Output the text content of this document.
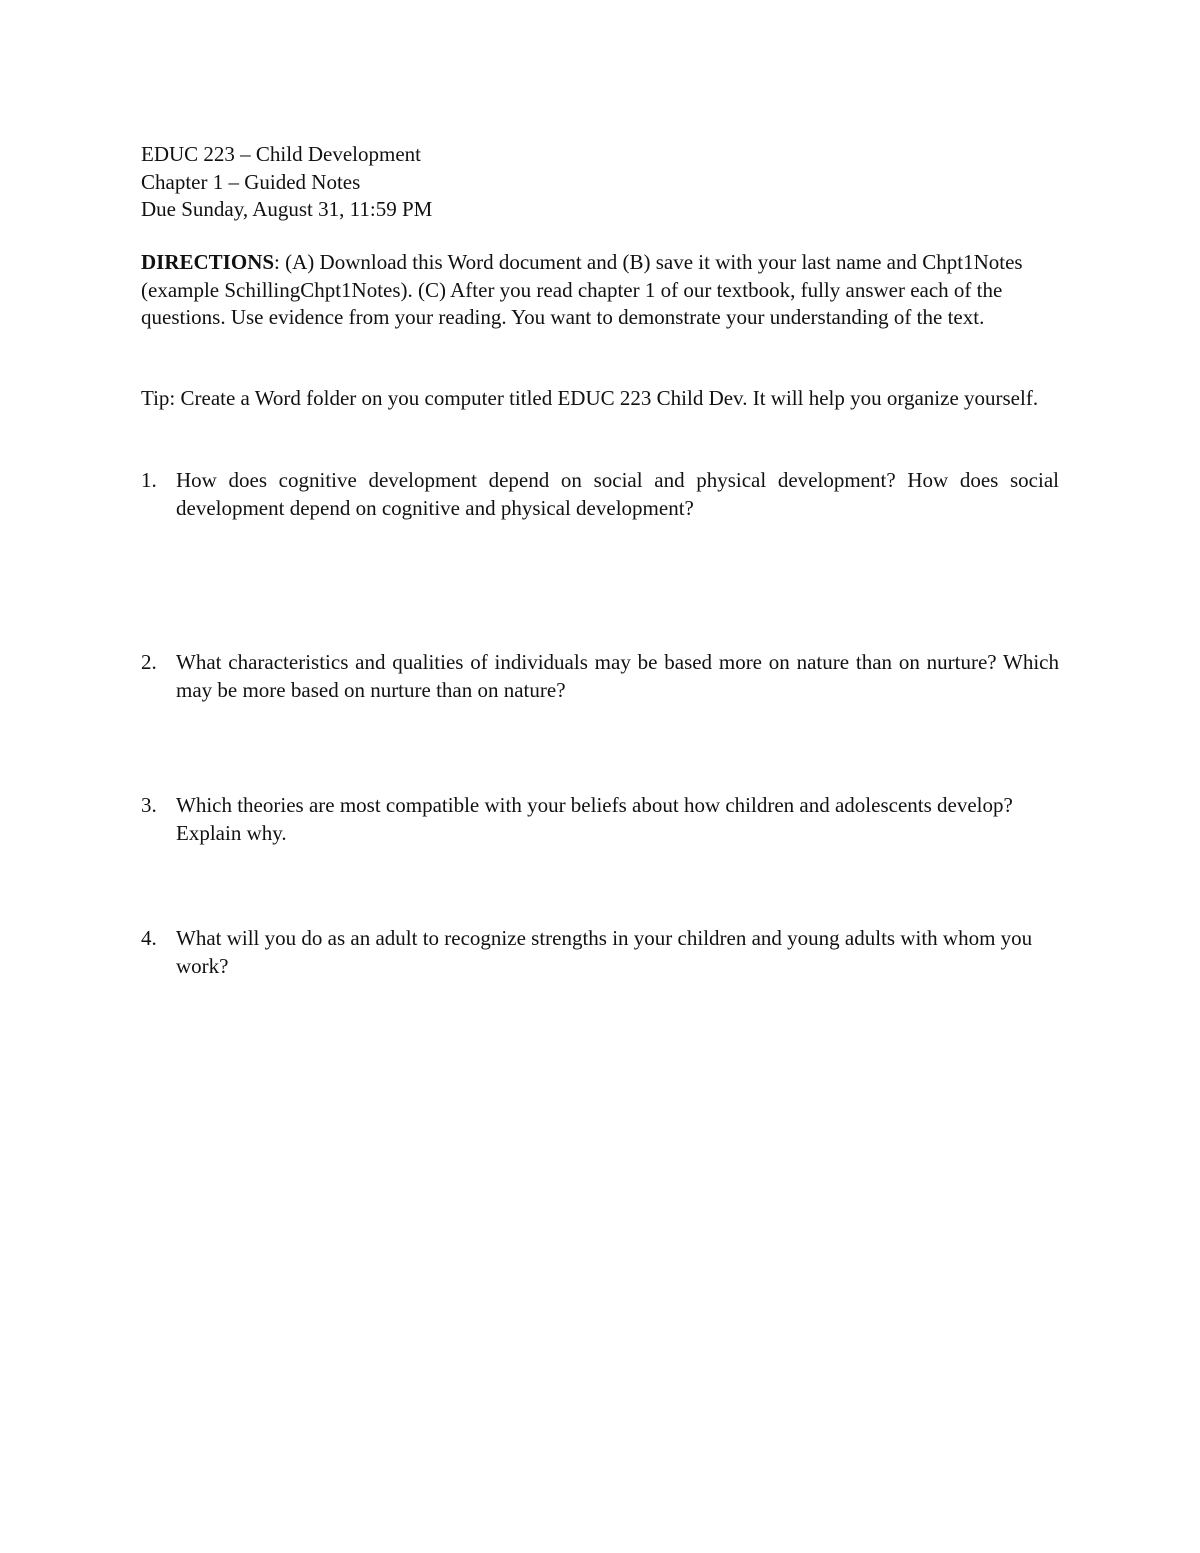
EDUC 223 – Child Development
Chapter 1 – Guided Notes
Due Sunday, August 31, 11:59 PM
DIRECTIONS: (A) Download this Word document and (B) save it with your last name and Chpt1Notes (example SchillingChpt1Notes). (C) After you read chapter 1 of our textbook, fully answer each of the questions. Use evidence from your reading. You want to demonstrate your understanding of the text.
Tip: Create a Word folder on you computer titled EDUC 223 Child Dev. It will help you organize yourself.
1. How does cognitive development depend on social and physical development? How does social development depend on cognitive and physical development?
2. What characteristics and qualities of individuals may be based more on nature than on nurture? Which may be more based on nurture than on nature?
3. Which theories are most compatible with your beliefs about how children and adolescents develop? Explain why.
4. What will you do as an adult to recognize strengths in your children and young adults with whom you work?
